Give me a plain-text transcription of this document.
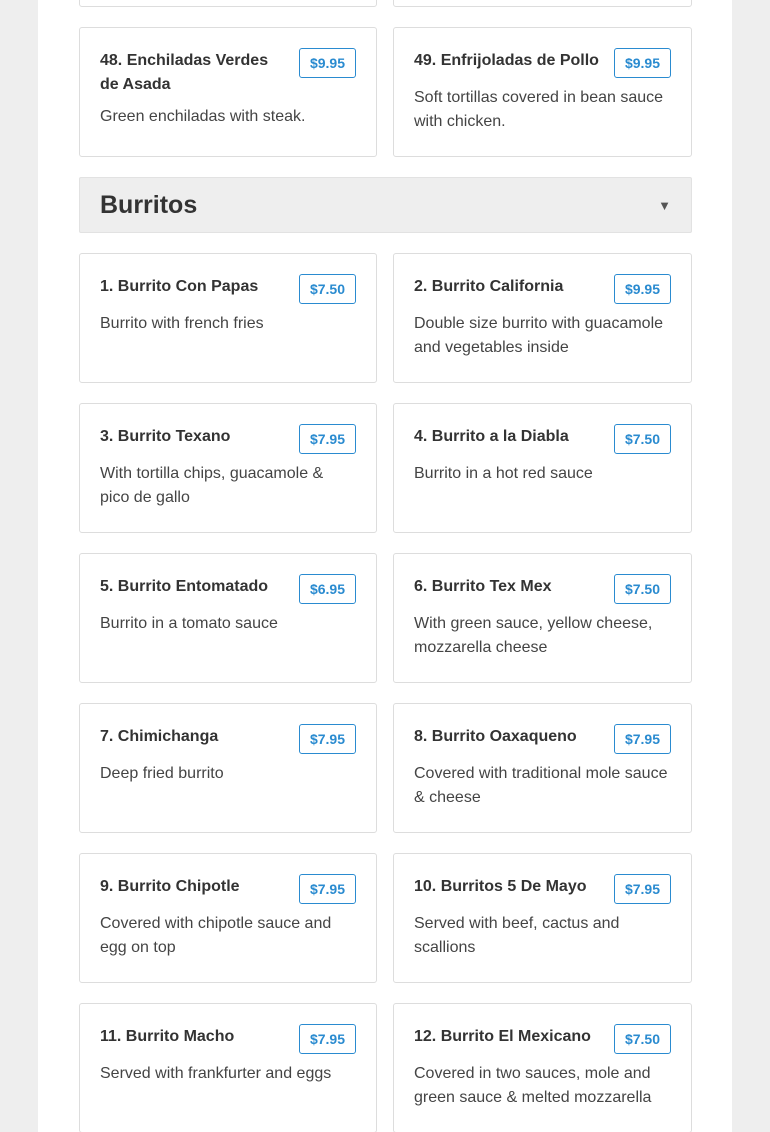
48. Enchiladas Verdes de Asada
$9.95
Green enchiladas with steak.
49. Enfrijoladas de Pollo	$9.95
Soft tortillas covered in bean sauce with chicken.
Burritos	▼
1. Burrito Con Papas	$7.50
Burrito with french fries
2. Burrito California	$9.95
Double size burrito with guacamole and vegetables inside
3. Burrito Texano	$7.95
With tortilla chips, guacamole & pico de gallo
4. Burrito a la Diabla	$7.50
Burrito in a hot red sauce
5. Burrito Entomatado	$6.95
Burrito in a tomato sauce
6. Burrito Tex Mex	$7.50
With green sauce, yellow cheese, mozzarella cheese
7. Chimichanga	$7.95
Deep fried burrito
8. Burrito Oaxaqueno	$7.95
Covered with traditional mole sauce & cheese
9. Burrito Chipotle	$7.95
Covered with chipotle sauce and egg on top
10. Burritos 5 De Mayo	$7.95
Served with beef, cactus and scallions
11. Burrito Macho	$7.95
Served with frankfurter and eggs
12. Burrito El Mexicano	$7.50
Covered in two sauces, mole and green sauce & melted mozzarella
